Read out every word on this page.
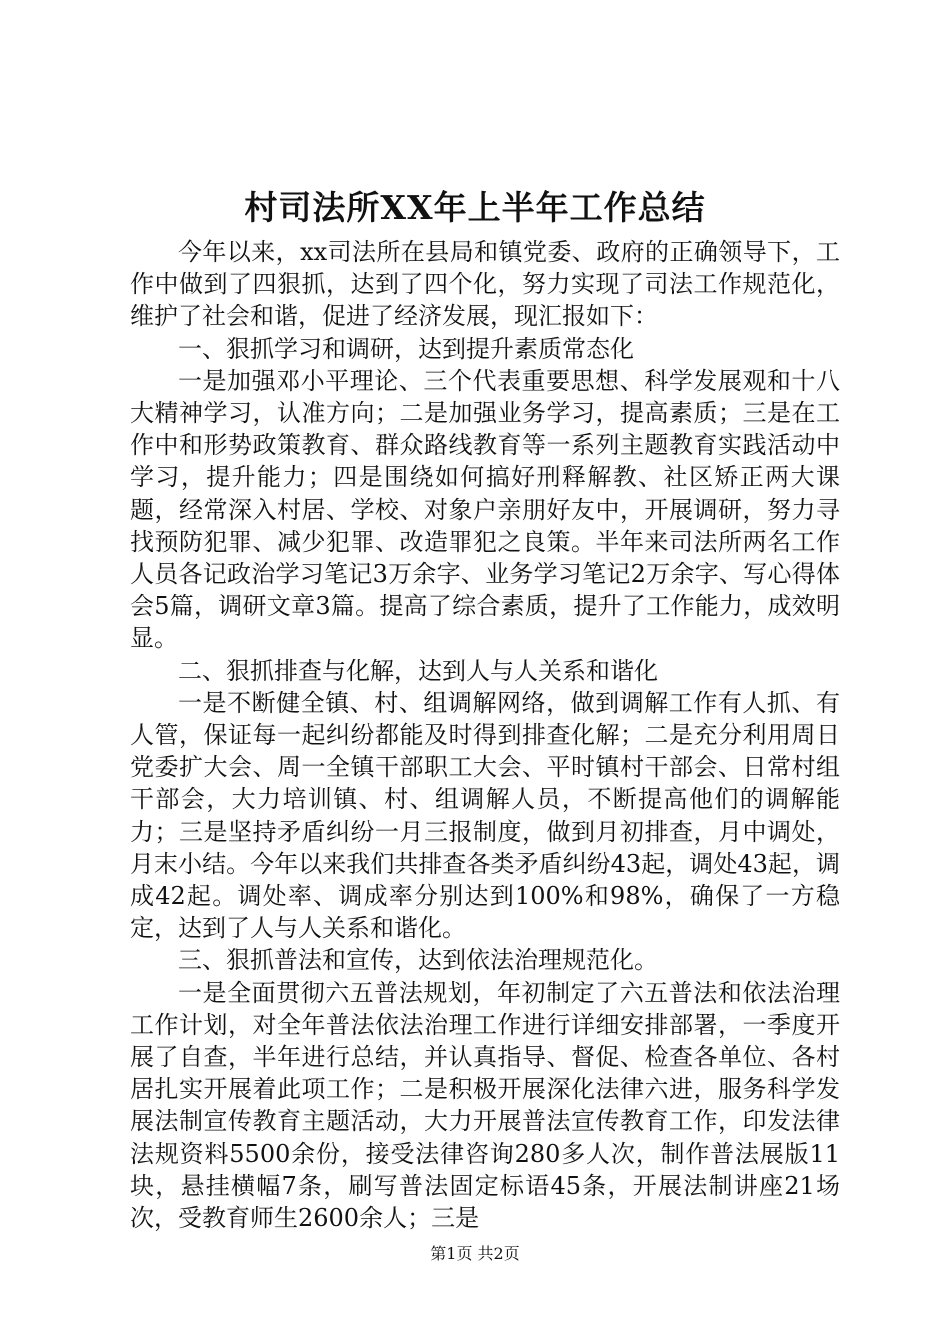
村司法所XX年上半年工作总结

今年以来，xx司法所在县局和镇党委、政府的正确领导下，工作中做到了四狠抓，达到了四个化，努力实现了司法工作规范化，维护了社会和谐，促进了经济发展，现汇报如下：

一、狠抓学习和调研，达到提升素质常态化

一是加强邓小平理论、三个代表重要思想、科学发展观和十八大精神学习，认准方向；二是加强业务学习，提高素质；三是在工作中和形势政策教育、群众路线教育等一系列主题教育实践活动中学习，提升能力；四是围绕如何搞好刑释解教、社区矫正两大课题，经常深入村居、学校、对象户亲朋好友中，开展调研，努力寻找预防犯罪、减少犯罪、改造罪犯之良策。半年来司法所两名工作人员各记政治学习笔记3万余字、业务学习笔记2万余字、写心得体会5篇，调研文章3篇。提高了综合素质，提升了工作能力，成效明显。

二、狠抓排查与化解，达到人与人关系和谐化

一是不断健全镇、村、组调解网络，做到调解工作有人抓、有人管，保证每一起纠纷都能及时得到排查化解；二是充分利用周日党委扩大会、周一全镇干部职工大会、平时镇村干部会、日常村组干部会，大力培训镇、村、组调解人员，不断提高他们的调解能力；三是坚持矛盾纠纷一月三报制度，做到月初排查，月中调处，月末小结。今年以来我们共排查各类矛盾纠纷43起，调处43起，调成42起。调处率、调成率分别达到100%和98%，确保了一方稳定，达到了人与人关系和谐化。

三、狠抓普法和宣传，达到依法治理规范化。

一是全面贯彻六五普法规划，年初制定了六五普法和依法治理工作计划，对全年普法依法治理工作进行详细安排部署，一季度开展了自查，半年进行总结，并认真指导、督促、检查各单位、各村居扎实开展着此项工作；二是积极开展深化法律六进，服务科学发展法制宣传教育主题活动，大力开展普法宣传教育工作，印发法律法规资料5500余份，接受法律咨询280多人次，制作普法展版11块，悬挂横幅7条，刷写普法固定标语45条，开展法制讲座21场次，受教育师生2600余人；三是

第1页 共2页
